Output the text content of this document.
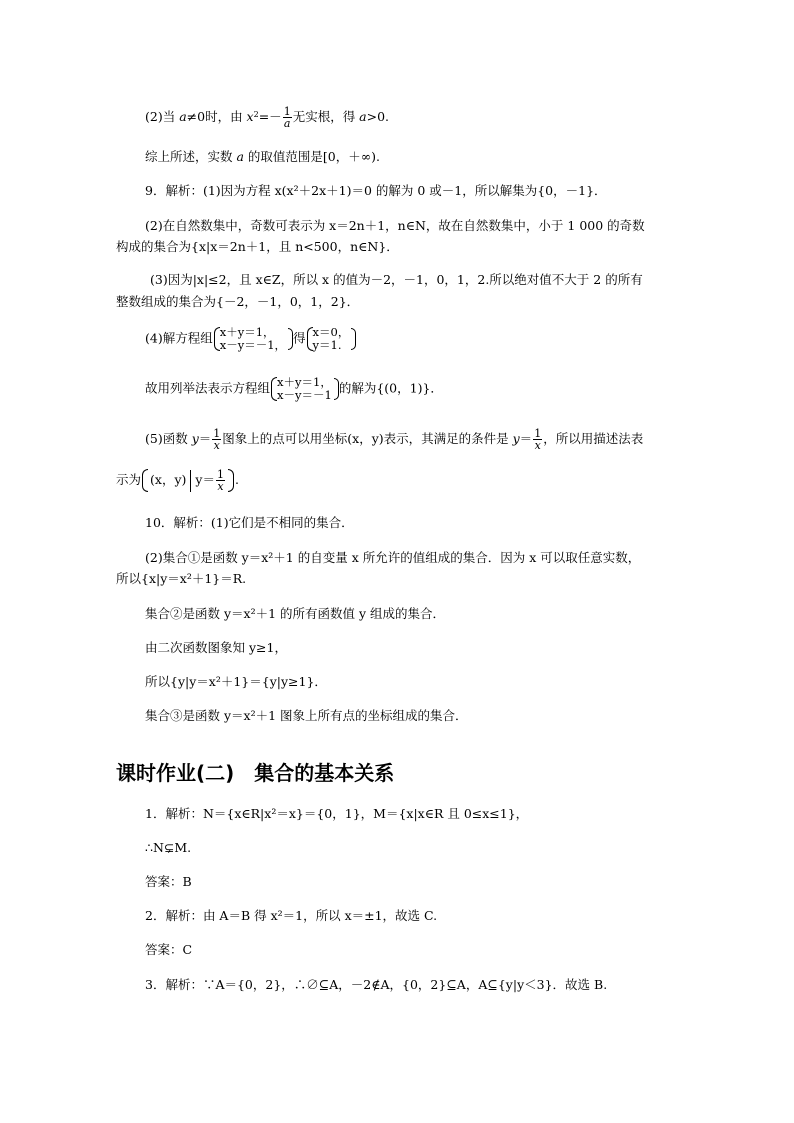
(2)当 a≠0时，由 $x^2=- \frac{1}{a}$ 无实根，得 a>0.
综上所述，实数 a 的取值范围是[0，＋∞).
9．解析：(1)因为方程 x(x²＋2x＋1)＝0 的解为 0 或－1，所以解集为{0，－1}．
(2)在自然数集中，奇数可表示为 x＝2n＋1，n∈N，故在自然数集中，小于 1 000 的奇数
构成的集合为{x|x＝2n＋1，且 n<500，n∈N}．
(3)因为|x|≤2，且 x∈Z，所以 x 的值为－2，－1，0，1，2.所以绝对值不大于 2 的所有
整数组成的集合为{－2，－1，0，1，2}．
(4)解方程组 x＋y＝1，
x－y＝－1， 得 x＝0，
y＝1.
故用列举法表示方程组 x＋y＝1，
x－y＝－1 的解为{(0，1)}．
(5)函数 $y= \frac{1}{x}$ 图象上的点可以用坐标(x，y)表示，其满足的条件是 $y= \frac{1}{x}$ ，所以用描述法表
示为 (x，y) $y= \frac{1}{x}$ .
10．解析：(1)它们是不相同的集合．
(2)集合①是函数 y＝x²＋1 的自变量 x 所允许的值组成的集合．因为 x 可以取任意实数，
所以{x|y＝x²＋1}＝R.
集合②是函数 y＝x²＋1 的所有函数值 y 组成的集合．
由二次函数图象知 y≥1，
所以{y|y＝x²＋1}＝{y|y≥1}．
集合③是函数 y＝x²＋1 图象上所有点的坐标组成的集合．
课时作业(二)　集合的基本关系
1．解析：N＝{x∈R|x²＝x}＝{0，1}，M＝{x|x∈R 且 0≤x≤1}，
∴N⊊M.
答案：B
2．解析：由 A＝B 得 x²＝1，所以 x＝±1，故选 C.
答案：C
3．解析：∵A＝{0，2}，∴∅⊆A，－2∉A，{0，2}⊆A，A⊆{y|y＜3}．故选 B.
